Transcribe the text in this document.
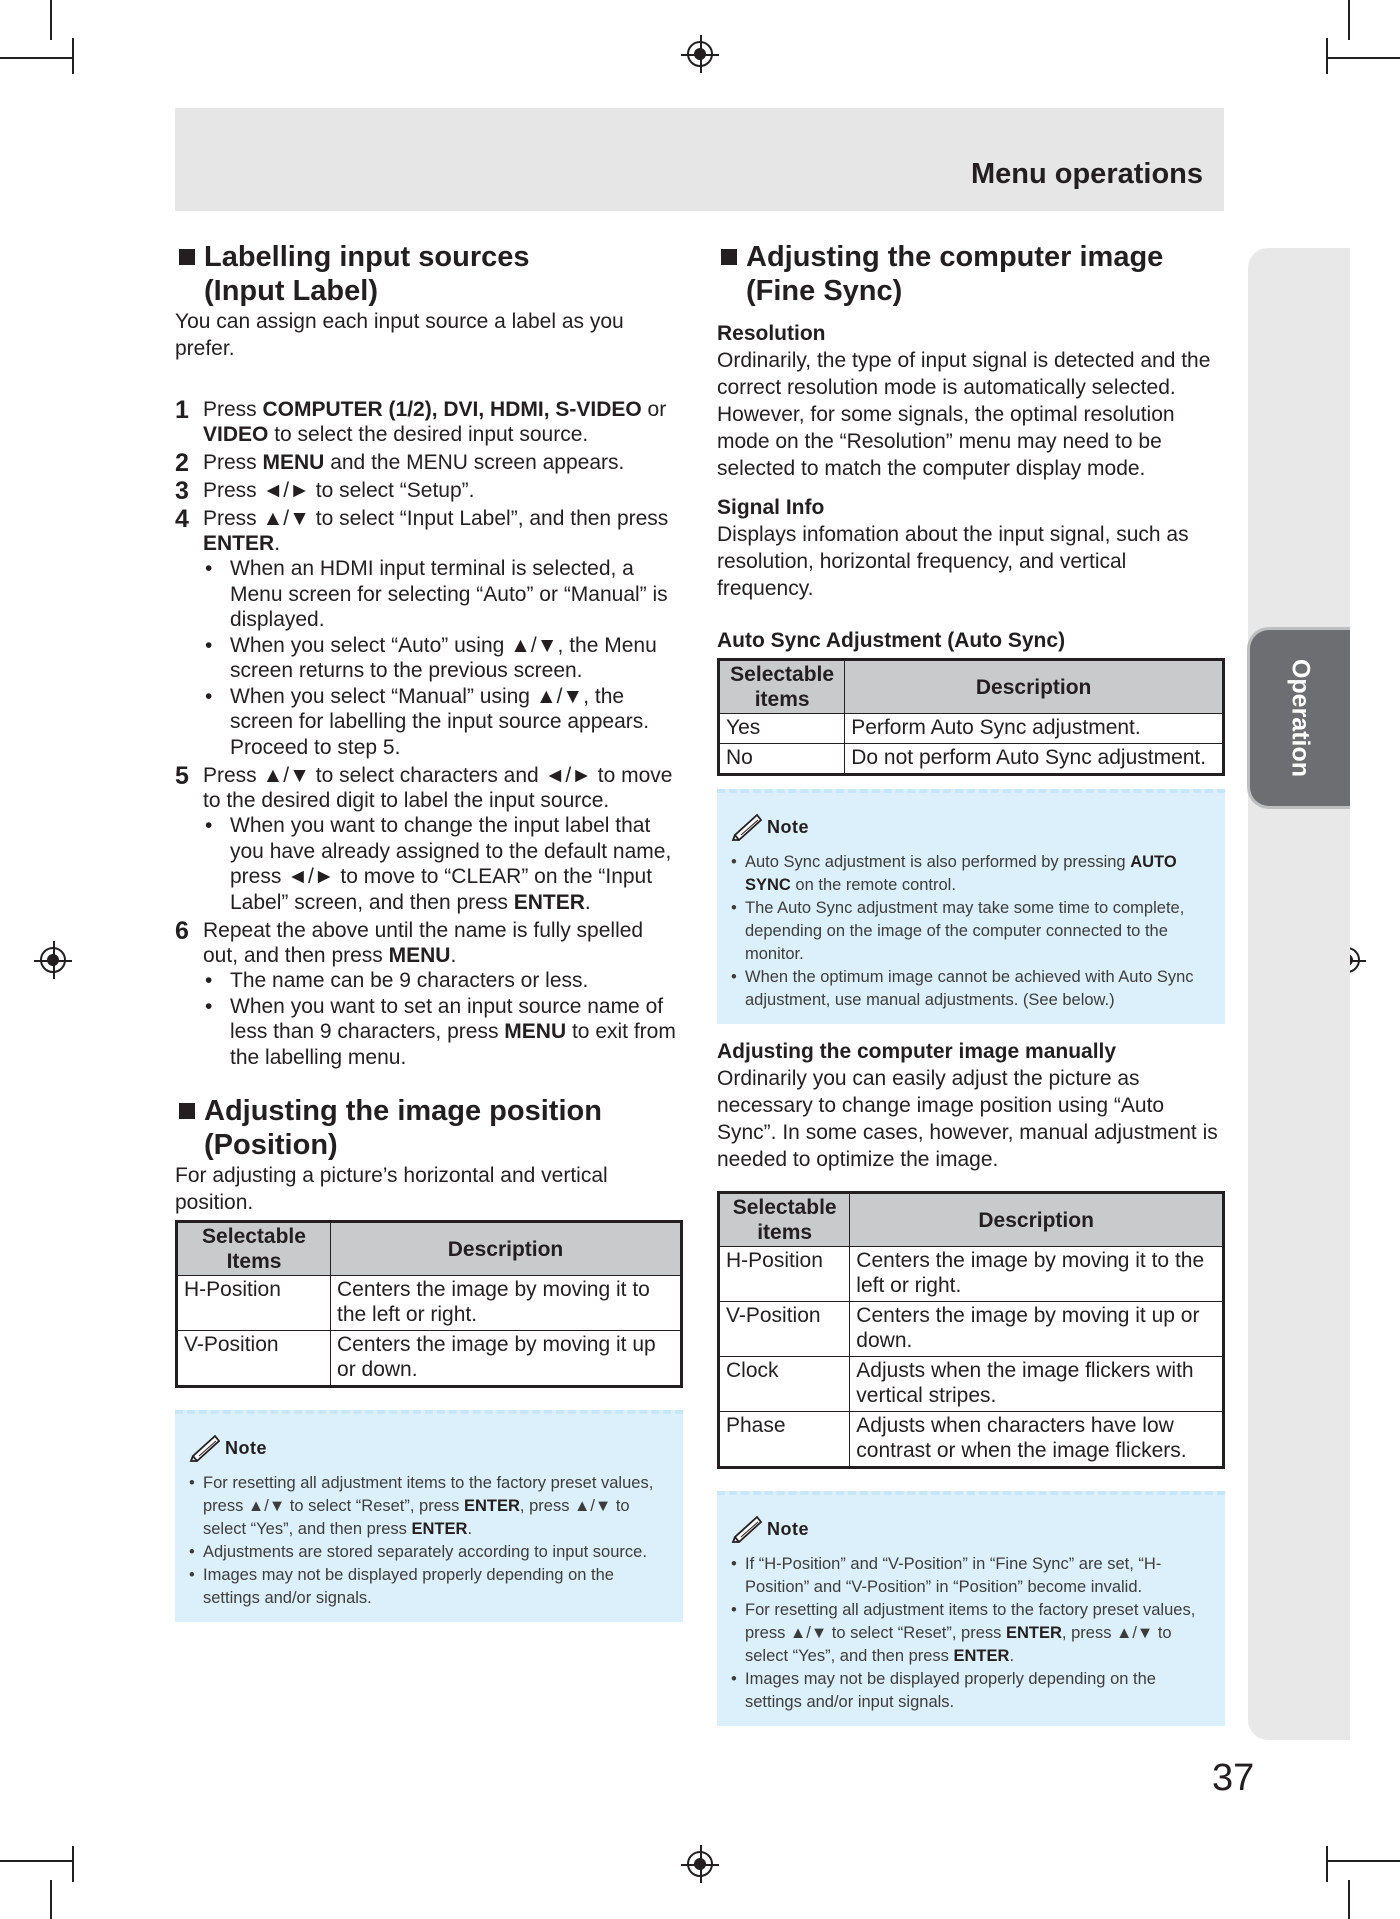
Menu operations
Operation
Labelling input sources
(Input Label)

You can assign each input source a label as you prefer.

1 Press COMPUTER (1/2), DVI, HDMI, S-VIDEO or VIDEO to select the desired input source.
2 Press MENU and the MENU screen appears.
3 Press ◄/► to select “Setup”.
4 Press ▲/▼ to select “Input Label”, and then press ENTER.
• When an HDMI input terminal is selected, a Menu screen for selecting “Auto” or “Manual” is displayed.
• When you select “Auto” using ▲/▼, the Menu screen returns to the previous screen.
• When you select “Manual” using ▲/▼, the screen for labelling the input source appears. Proceed to step 5.
5 Press ▲/▼ to select characters and ◄/► to move to the desired digit to label the input source.
• When you want to change the input label that you have already assigned to the default name, press ◄/► to move to “CLEAR” on the “Input Label” screen, and then press ENTER.
6 Repeat the above until the name is fully spelled out, and then press MENU.
• The name can be 9 characters or less.
• When you want to set an input source name of less than 9 characters, press MENU to exit from the labelling menu.
Adjusting the image position
(Position)

For adjusting a picture’s horizontal and vertical position.

Selectable Items	Description
H-Position	Centers the image by moving it to the left or right.
V-Position	Centers the image by moving it up or down.
Note
• For resetting all adjustment items to the factory preset values, press ▲/▼ to select “Reset”, press ENTER, press ▲/▼ to select “Yes”, and then press ENTER.
• Adjustments are stored separately according to input source.
• Images may not be displayed properly depending on the settings and/or signals.
Adjusting the computer image
(Fine Sync)
Resolution

Ordinarily, the type of input signal is detected and the correct resolution mode is automatically selected. However, for some signals, the optimal resolution mode on the “Resolution” menu may need to be selected to match the computer display mode.

Signal Info

Displays infomation about the input signal, such as resolution, horizontal frequency, and vertical frequency.

Auto Sync Adjustment (Auto Sync)
Selectable items	Description
Yes	Perform Auto Sync adjustment.
No	Do not perform Auto Sync adjustment.
Note
• Auto Sync adjustment is also performed by pressing AUTO SYNC on the remote control.
• The Auto Sync adjustment may take some time to complete, depending on the image of the computer connected to the monitor.
• When the optimum image cannot be achieved with Auto Sync adjustment, use manual adjustments. (See below.)
Adjusting the computer image manually

Ordinarily you can easily adjust the picture as necessary to change image position using “Auto Sync”. In some cases, however, manual adjustment is needed to optimize the image.

Selectable items	Description
H-Position	Centers the image by moving it to the left or right.
V-Position	Centers the image by moving it up or down.
Clock	Adjusts when the image flickers with vertical stripes.
Phase	Adjusts when characters have low contrast or when the image flickers.
Note
• If “H-Position” and “V-Position” in “Fine Sync” are set, “H-Position” and “V-Position” in “Position” become invalid.
• For resetting all adjustment items to the factory preset values, press ▲/▼ to select “Reset”, press ENTER, press ▲/▼ to select “Yes”, and then press ENTER.
• Images may not be displayed properly depending on the settings and/or input signals.
37
